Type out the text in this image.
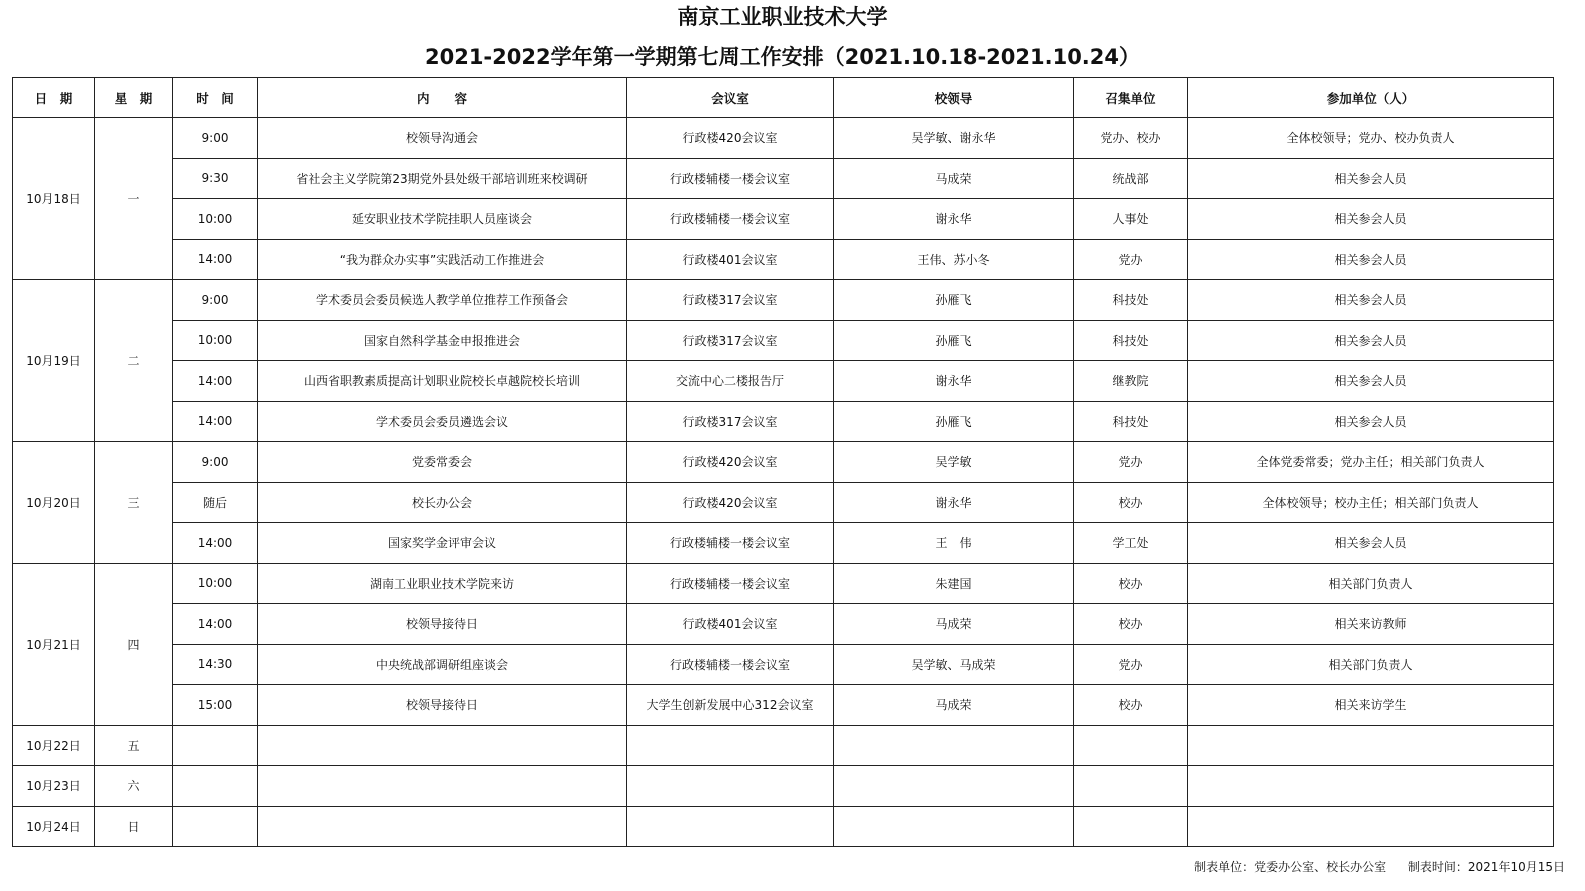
南京工业职业技术大学
2021-2022学年第一学期第七周工作安排（2021.10.18-2021.10.24）
日　期	星　期	时　间	内　　容	会议室	校领导	召集单位	参加单位（人）
10月18日	一	9:00	校领导沟通会	行政楼420会议室	吴学敏、谢永华	党办、校办	全体校领导；党办、校办负责人
		9:30	省社会主义学院第23期党外县处级干部培训班来校调研	行政楼辅楼一楼会议室	马成荣	统战部	相关参会人员
		10:00	延安职业技术学院挂职人员座谈会	行政楼辅楼一楼会议室	谢永华	人事处	相关参会人员
		14:00	“我为群众办实事”实践活动工作推进会	行政楼401会议室	王伟、苏小冬	党办	相关参会人员
10月19日	二	9:00	学术委员会委员候选人教学单位推荐工作预备会	行政楼317会议室	孙雁飞	科技处	相关参会人员
		10:00	国家自然科学基金申报推进会	行政楼317会议室	孙雁飞	科技处	相关参会人员
		14:00	山西省职教素质提高计划职业院校长卓越院校长培训	交流中心二楼报告厅	谢永华	继教院	相关参会人员
		14:00	学术委员会委员遴选会议	行政楼317会议室	孙雁飞	科技处	相关参会人员
10月20日	三	9:00	党委常委会	行政楼420会议室	吴学敏	党办	全体党委常委；党办主任；相关部门负责人
		随后	校长办公会	行政楼420会议室	谢永华	校办	全体校领导；校办主任；相关部门负责人
		14:00	国家奖学金评审会议	行政楼辅楼一楼会议室	王　伟	学工处	相关参会人员
10月21日	四	10:00	湖南工业职业技术学院来访	行政楼辅楼一楼会议室	朱建国	校办	相关部门负责人
		14:00	校领导接待日	行政楼401会议室	马成荣	校办	相关来访教师
		14:30	中央统战部调研组座谈会	行政楼辅楼一楼会议室	吴学敏、马成荣	党办	相关部门负责人
		15:00	校领导接待日	大学生创新发展中心312会议室	马成荣	校办	相关来访学生
10月22日	五						
10月23日	六						
10月24日	日						
制表单位：党委办公室、校长办公室 制表时间：2021年10月15日
